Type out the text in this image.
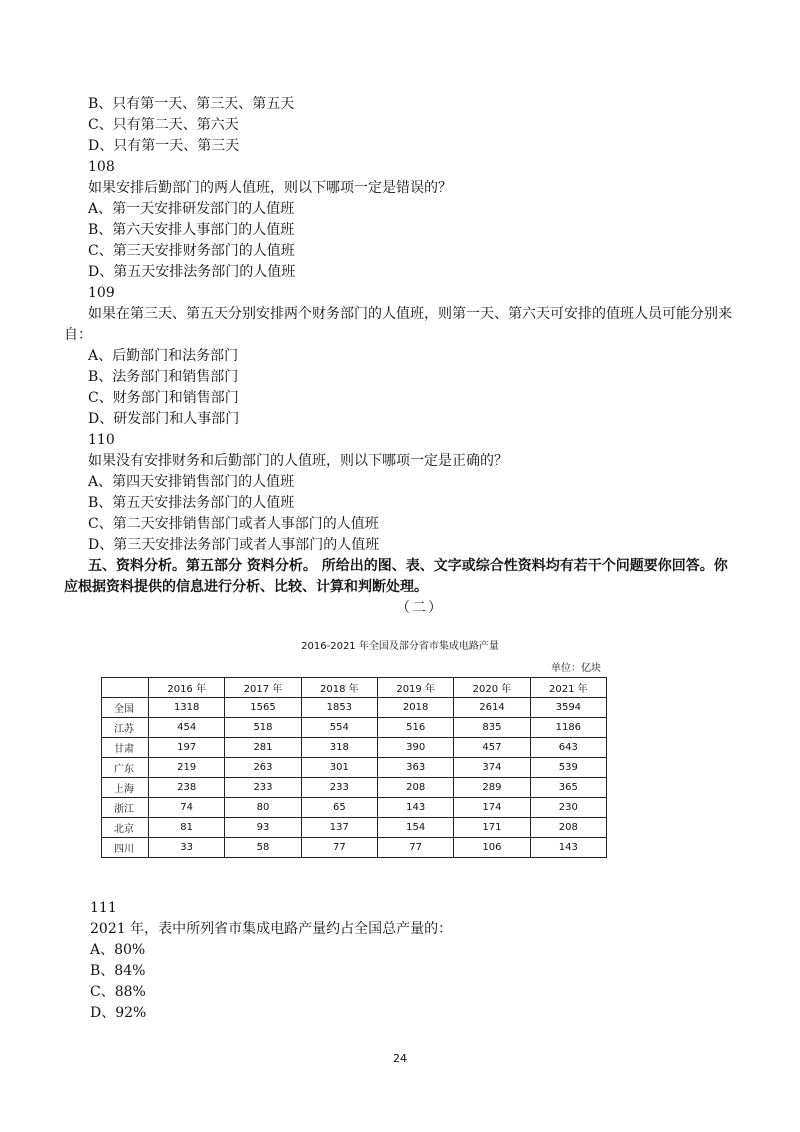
B、只有第一天、第三天、第五天
C、只有第二天、第六天
D、只有第一天、第三天
108
如果安排后勤部门的两人值班，则以下哪项一定是错误的？
A、第一天安排研发部门的人值班
B、第六天安排人事部门的人值班
C、第三天安排财务部门的人值班
D、第五天安排法务部门的人值班
109
如果在第三天、第五天分别安排两个财务部门的人值班，则第一天、第六天可安排的值班人员可能分别来
自：
A、后勤部门和法务部门
B、法务部门和销售部门
C、财务部门和销售部门
D、研发部门和人事部门
110
如果没有安排财务和后勤部门的人值班，则以下哪项一定是正确的？
A、第四天安排销售部门的人值班
B、第五天安排法务部门的人值班
C、第二天安排销售部门或者人事部门的人值班
D、第三天安排法务部门或者人事部门的人值班
五、资料分析。第五部分 资料分析。 所给出的图、表、文字或综合性资料均有若干个问题要你回答。你
应根据资料提供的信息进行分析、比较、计算和判断处理。
（二）
2016-2021 年全国及部分省市集成电路产量
单位：亿块
	2016 年	2017 年	2018 年	2019 年	2020 年	2021 年
全国	1318	1565	1853	2018	2614	3594
江苏	454	518	554	516	835	1186
甘肃	197	281	318	390	457	643
广东	219	263	301	363	374	539
上海	238	233	233	208	289	365
浙江	74	80	65	143	174	230
北京	81	93	137	154	171	208
四川	33	58	77	77	106	143
111
2021 年，表中所列省市集成电路产量约占全国总产量的：
A、80%
B、84%
C、88%
D、92%
24
